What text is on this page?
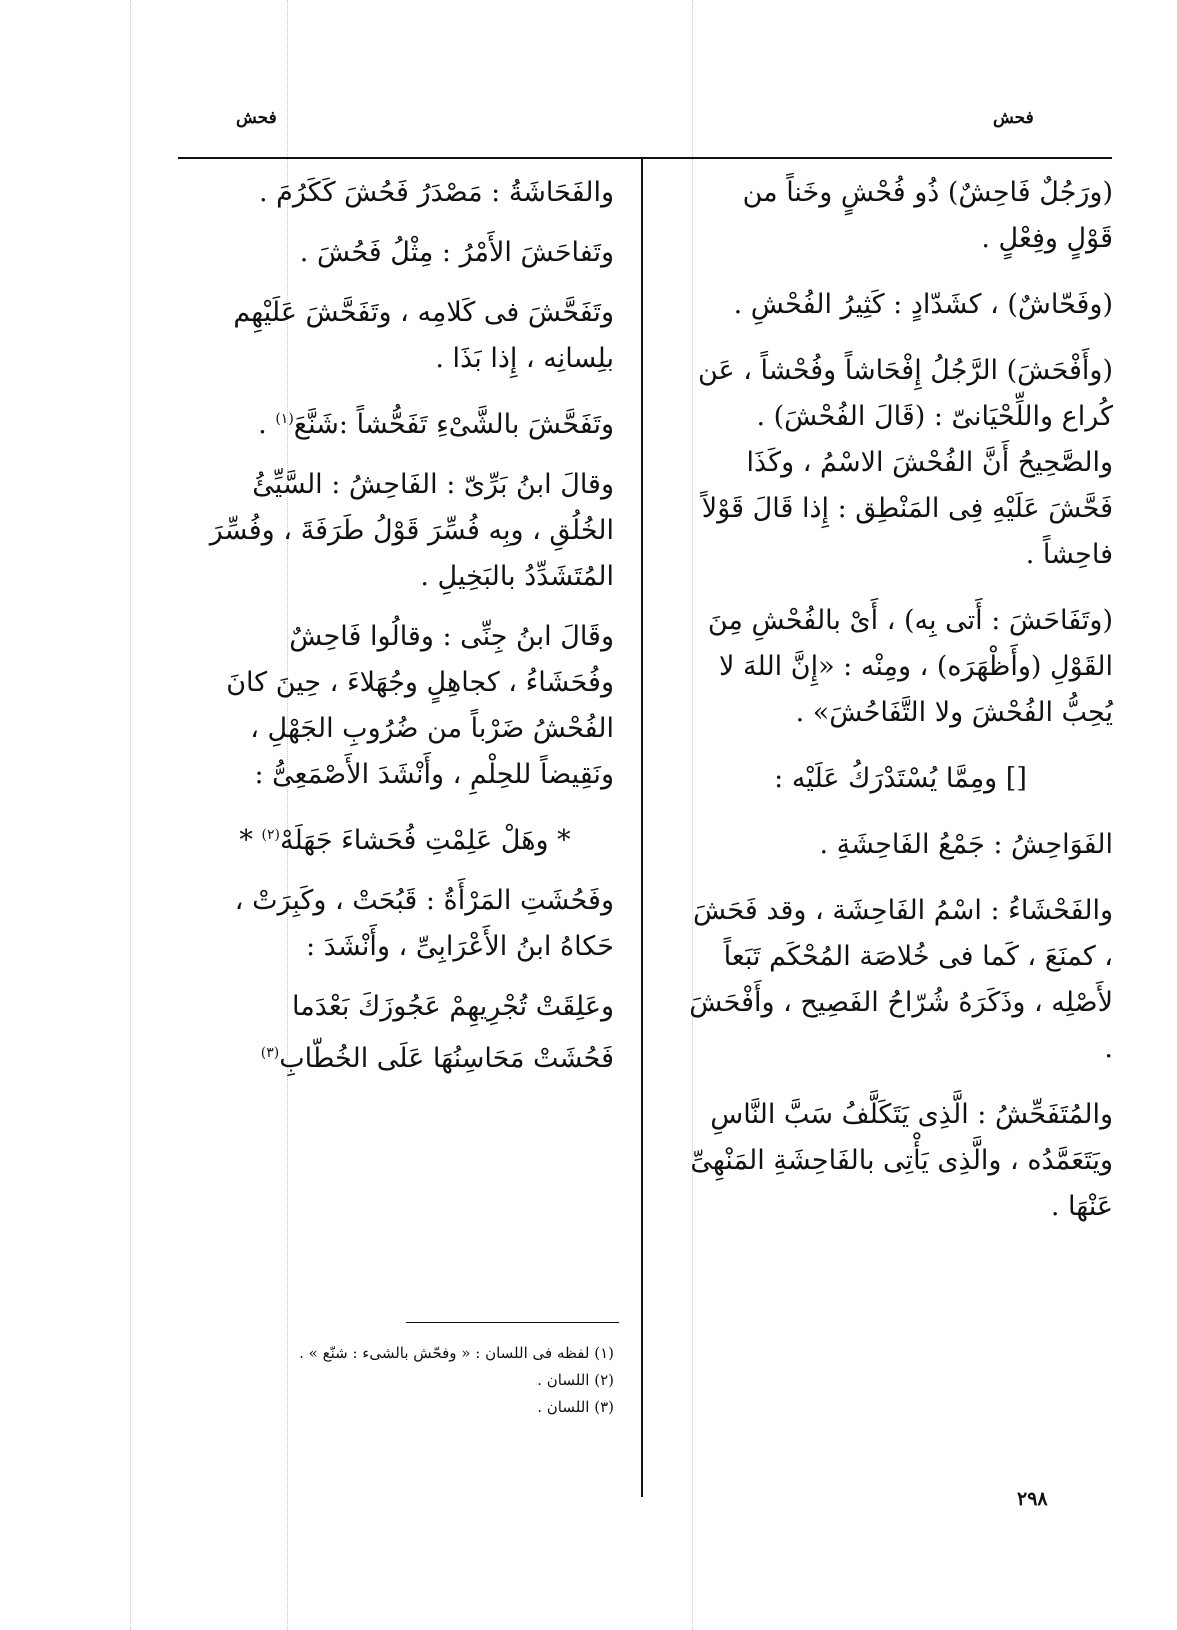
فحش
فحش

(ورَجُلٌ فَاحِشٌ) ذُو فُحْشٍ وخَناً من قَوْلٍ وفِعْلٍ .

(وفَحّاشٌ) ، كشَدّادٍ : كَثِيرُ الفُحْشِ .

(وأَفْحَشَ) الرَّجُلُ إِفْحَاشاً وفُحْشاً ، عَن كُراع واللِّحْيَانىّ : (قَالَ الفُحْشَ) . والصَّحِيحُ أَنَّ الفُحْشَ الاسْمُ ، وكَذَا فَحَّشَ عَلَيْهِ فِى المَنْطِق : إِذا قَالَ قَوْلاً فاحِشاً .

(وتَفَاحَشَ : أَتى بِه) ، أَىْ بالفُحْشِ مِنَ القَوْلِ (وأَظْهَرَه) ، ومِنْه : «إِنَّ اللهَ لا يُحِبُّ الفُحْشَ ولا التَّفَاحُشَ» .

[] ومِمَّا يُسْتَدْرَكُ عَلَيْه :

الفَوَاحِشُ : جَمْعُ الفَاحِشَةِ .

والفَحْشَاءُ : اسْمُ الفَاحِشَة ، وقد فَحَشَ ، كمنَعَ ، كَما فى خُلاصَة المُحْكَم تَبَعاً لأَصْلِه ، وذَكَرَهُ شُرّاحُ الفَصِيح ، وأَفْحَشَ .

والمُتَفَحِّشُ : الَّذِى يَتَكَلَّفُ سَبَّ النَّاسِ ويَتَعَمَّدُه ، والَّذِى يَأْتِى بالفَاحِشَةِ المَنْهِىِّ عَنْهَا .

والفَحَاشَةُ : مَصْدَرُ فَحُشَ كَكَرُمَ .

وتَفاحَشَ الأَمْرُ : مِثْلُ فَحُشَ .

وتَفَحَّشَ فى كَلامِه ، وتَفَحَّشَ عَلَيْهِم بلِسانِه ، إِذا بَذَا .

وتَفَحَّشَ بالشَّىْءِ تَفَحُّشاً :شَنَّعَ$^{(١)}$ .

وقالَ ابنُ بَرِّىّ : الفَاحِشُ : السَّيِّئُ الخُلُقِ ، وبِه فُسِّرَ قَوْلُ طَرَفَةَ ، وفُسِّرَ المُتَشَدِّدُ بالبَخِيلِ .

وقَالَ ابنُ جِنِّى : وقالُوا فَاحِشٌ وفُحَشَاءُ ، كجاهِلٍ وجُهَلاءَ ، حِينَ كانَ الفُحْشُ ضَرْباً من ضُرُوبِ الجَهْلِ ، ونَقِيضاً للحِلْمِ ، وأَنْشَدَ الأَصْمَعِىُّ :

* وهَلْ عَلِمْتِ فُحَشاءَ جَهَلَهْ$^{(٢)}$ *

وفَحُشَتِ المَرْأَةُ : قَبُحَتْ ، وكَبِرَتْ ، حَكاهُ ابنُ الأَعْرَابِىِّ ، وأَنْشَدَ :

وعَلِقَتْ تُجْرِيهِمْ عَجُوزَكَ بَعْدَما

فَحُشَتْ مَحَاسِنُهَا عَلَى الخُطّابِ$^{(٣)}$

(١) لفظه فى اللسان : « وفحّش بالشىء : شنّع » .
(٢) اللسان .
(٣) اللسان .
٢٩٨
